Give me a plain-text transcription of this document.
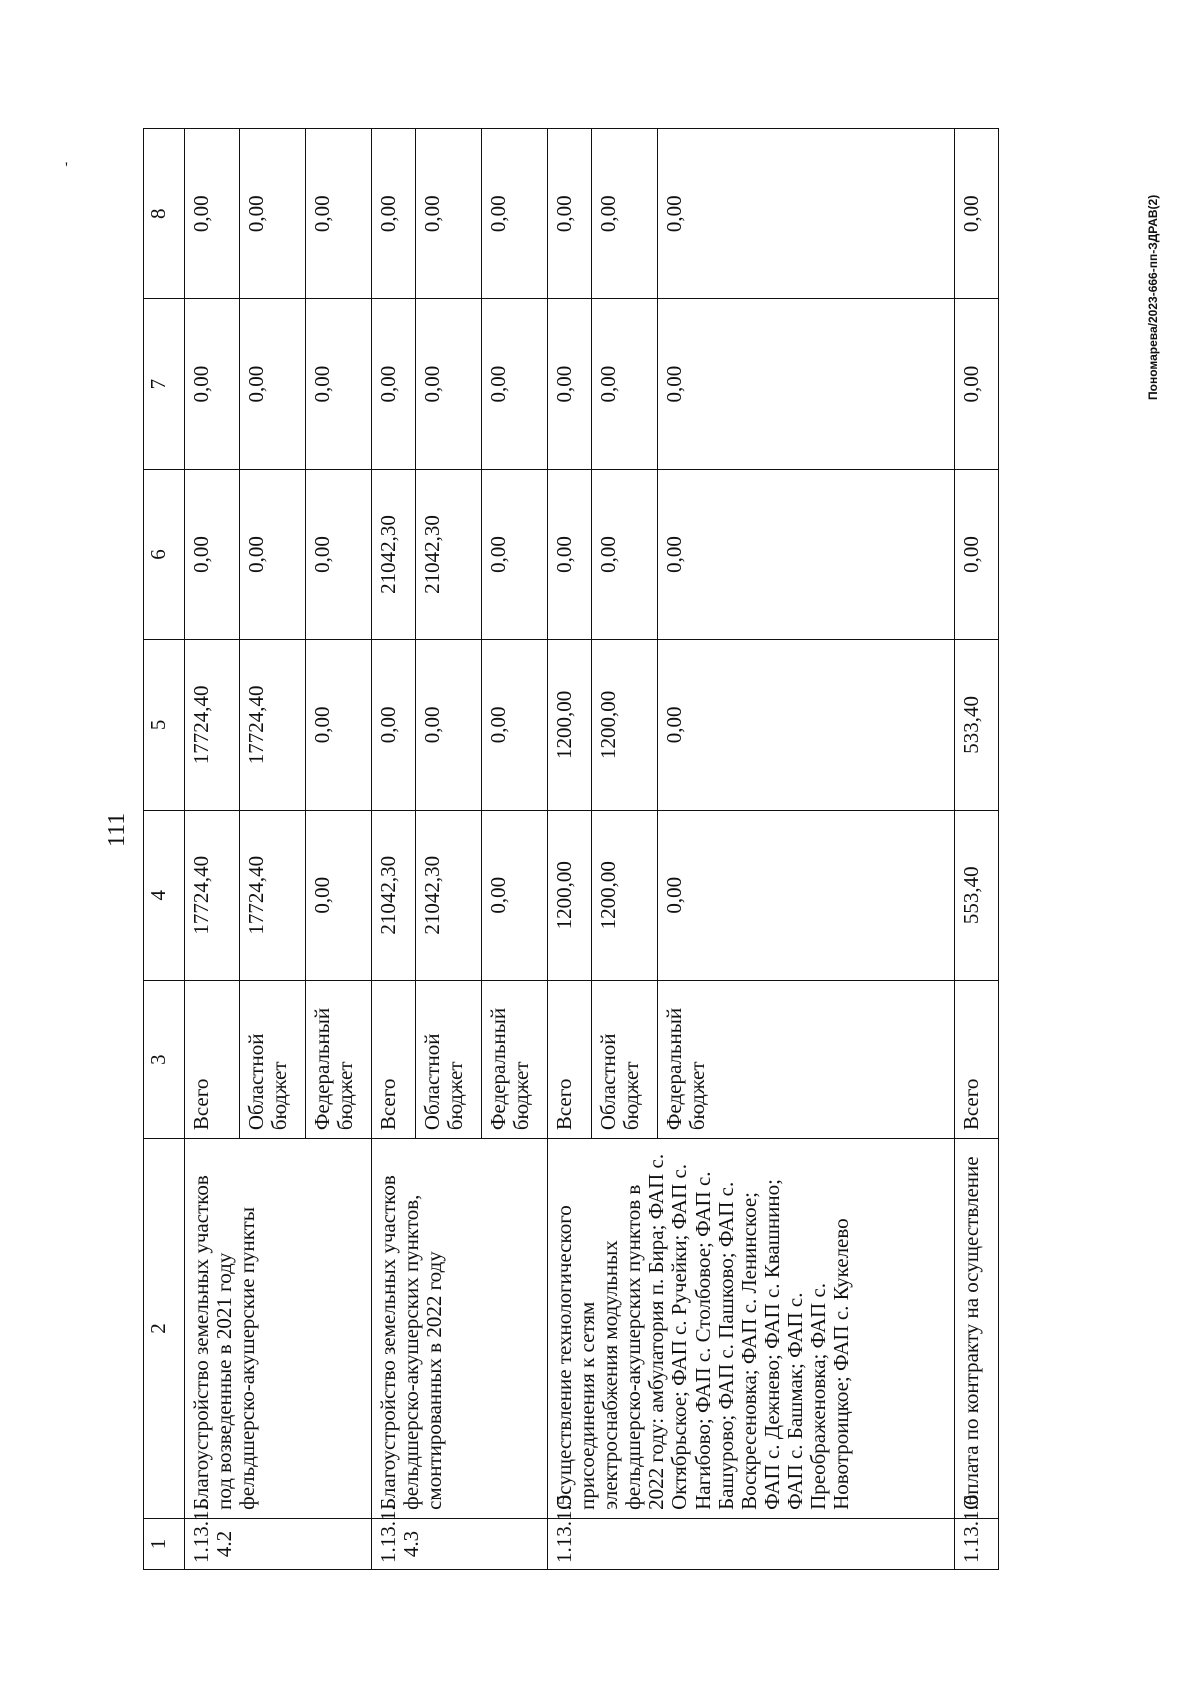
111
Пономарева/2023-666-пп-ЗДРАВ(2)
'
1	2	3	4	5	6	7	8
1.13.1. 4.2	Благоустройство земельных участков под возведенные в 2021 году фельдшерско-акушерские пункты	Всего	17724,40	17724,40	0,00	0,00	0,00
		Областной бюджет	17724,40	17724,40	0,00	0,00	0,00
		Федеральный бюджет	0,00	0,00	0,00	0,00	0,00
1.13.1. 4.3	Благоустройство земельных участков фельдшерско-акушерских пунктов, смонтированных в 2022 году	Всего	21042,30	0,00	21042,30	0,00	0,00
		Областной бюджет	21042,30	0,00	21042,30	0,00	0,00
		Федеральный бюджет	0,00	0,00	0,00	0,00	0,00
1.13.1.5	Осуществление технологического присоединения к сетям электроснабжения модульных фельдшерско-акушерских пунктов в 2022 году: амбулатория п. Бира; ФАП с. Октябрьское; ФАП с. Ручейки; ФАП с. Нагибово; ФАП с. Столбовое; ФАП с. Башурово; ФАП с. Пашково; ФАП с. Воскресеновка; ФАП с. Ленинское; ФАП с. Дежнево; ФАП с. Квашнино; ФАП с. Башмак; ФАП с. Преображеновка; ФАП с. Новотроицкое; ФАП с. Кукелево	Всего	1200,00	1200,00	0,00	0,00	0,00
		Областной бюджет	1200,00	1200,00	0,00	0,00	0,00
		Федеральный бюджет	0,00	0,00	0,00	0,00	0,00
1.13.1.6	Оплата по контракту на осуществление	Всего	553,40	533,40	0,00	0,00	0,00
